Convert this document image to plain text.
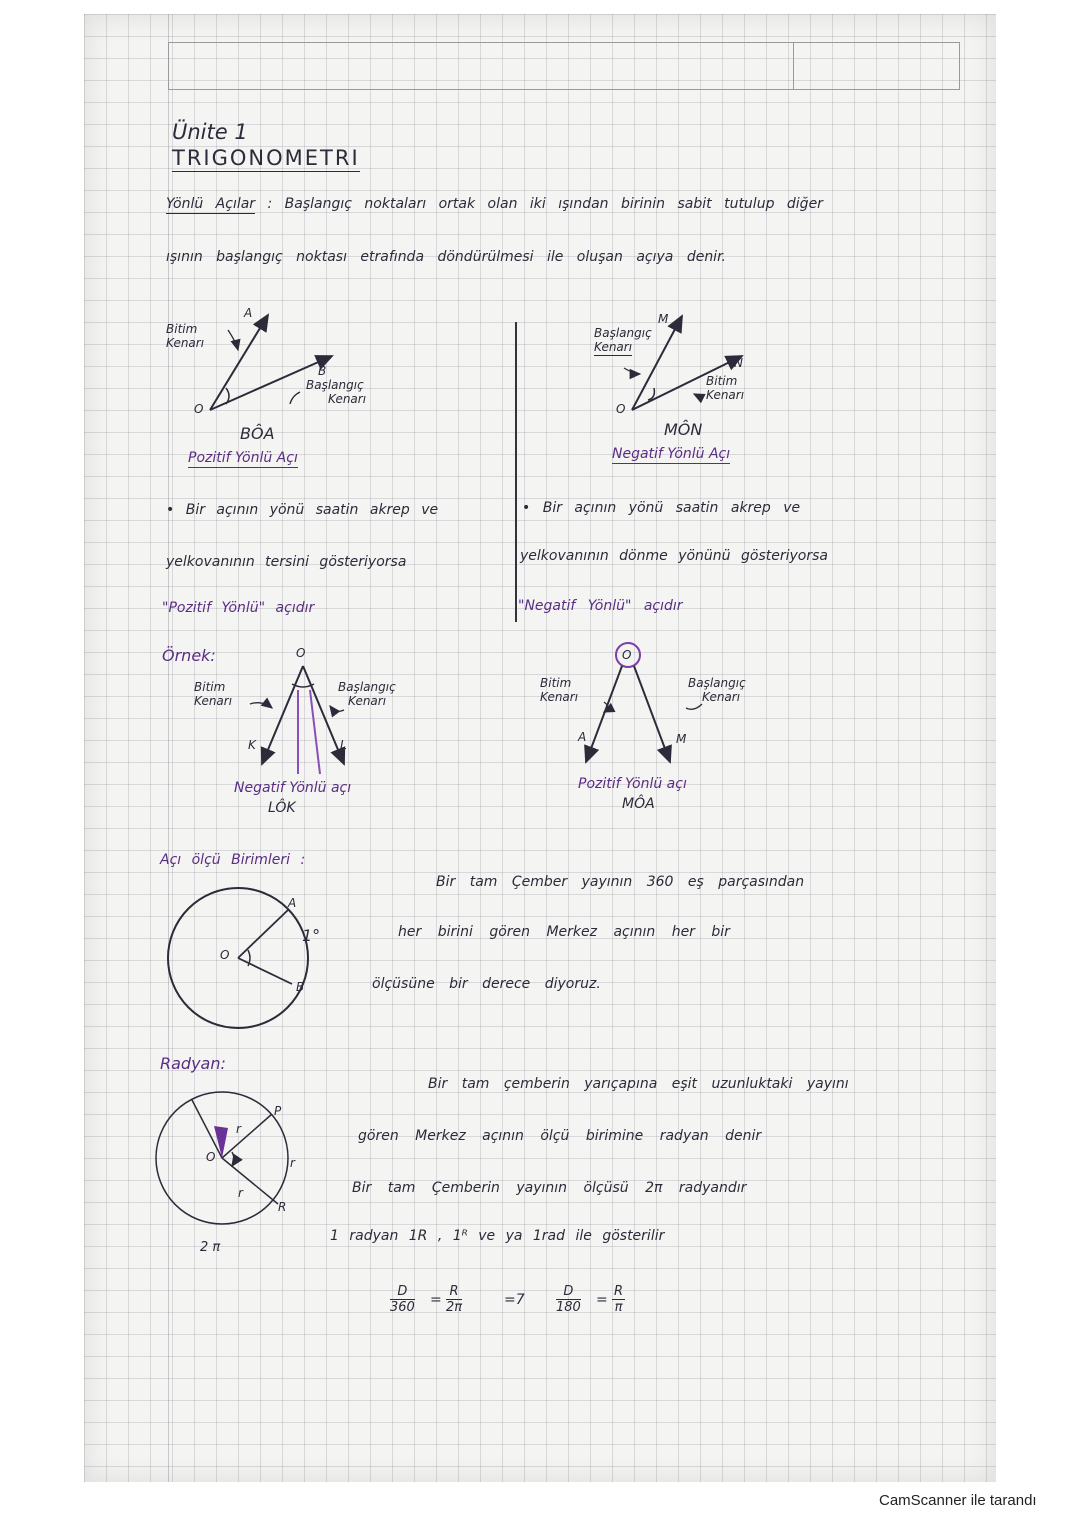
Ünite 1
TRIGONOMETRI
Yönlü Açılar : Başlangıç noktaları ortak olan iki ışından birinin sabit tutulup diğer
ışının başlangıç noktası etrafında döndürülmesi ile oluşan açıya denir.
Bitim
Kenarı
A
B
O
Başlangıç
Kenarı
BÔA
Pozitif Yönlü Açı
Başlangıç
Kenarı
M
N
O
Bitim
Kenarı
MÔN
Negatif Yönlü Açı
• Bir açının yönü saatin akrep ve
yelkovanının tersini gösteriyorsa
"Pozitif Yönlü" açıdır
• Bir açının yönü saatin akrep ve
yelkovanının dönme yönünü gösteriyorsa
"Negatif Yönlü" açıdır
Örnek:	O
Bitim
Kenarı
Başlangıç
Kenarı
K	L
Negatif Yönlü açı
LÔK
O
Bitim
Kenarı
Başlangıç
Kenarı
A	M
Pozitif Yönlü açı
MÔA
Açı ölçü Birimleri :
A
O
B
1°
Bir tam Çember yayının 360 eş parçasından
her birini gören Merkez açının her bir
ölçüsüne bir derece diyoruz.
Radyan:
P
O
R
r
r
r
2 π
Bir tam çemberin yarıçapına eşit uzunluktaki yayını
gören Merkez açının ölçü birimine radyan denir
Bir tam Çemberin yayının ölçüsü 2π radyandır
1 radyan 1R , 1ᴿ ve ya 1rad ile gösterilir
$\frac{D}{360} = \frac{R}{2\pi}$	$=7 \frac{D}{180} = \frac{R}{\pi}$
CamScanner ile tarandı
